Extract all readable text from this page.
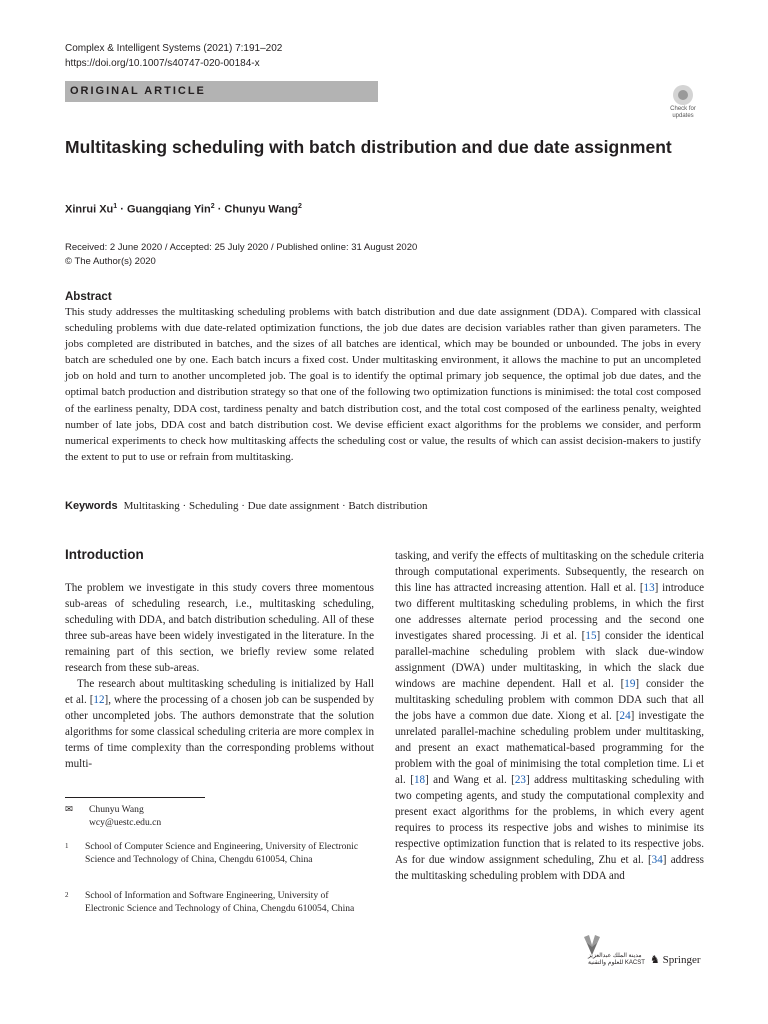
Complex & Intelligent Systems (2021) 7:191–202
https://doi.org/10.1007/s40747-020-00184-x
ORIGINAL ARTICLE
Check for updates
Multitasking scheduling with batch distribution and due date assignment
Xinrui $Xu^1$ · Guangqiang Yin$^2$ · Chunyu Wang$^2$
Received: 2 June 2020 / Accepted: 25 July 2020 / Published online: 31 August 2020
© The Author(s) 2020
Abstract
This study addresses the multitasking scheduling problems with batch distribution and due date assignment (DDA). Compared with classical scheduling problems with due date-related optimization functions, the job due dates are decision variables rather than given parameters. The jobs completed are distributed in batches, and the sizes of all batches are identical, which may be bounded or unbounded. The jobs in every batch are scheduled one by one. Each batch incurs a fixed cost. Under multitasking environment, it allows the machine to put an uncompleted job on hold and turn to another uncompleted job. The goal is to identify the optimal primary job sequence, the optimal job due dates, and the optimal batch production and distribution strategy so that one of the following two optimization functions is minimised: the total cost composed of the earliness penalty, DDA cost, tardiness penalty and batch distribution cost, and the total cost composed of the earliness penalty, weighted number of late jobs, DDA cost and batch distribution cost. We devise efficient exact algorithms for the problems we consider, and perform numerical experiments to check how multitasking affects the scheduling cost or value, the results of which can assist decision-makers to justify the extent to put to use or refrain from multitasking.
Keywords Multitasking · Scheduling · Due date assignment · Batch distribution
Introduction

The problem we investigate in this study covers three momentous sub-areas of scheduling research, i.e., multitasking scheduling, scheduling with DDA, and batch distribution scheduling. All of these three sub-areas have been widely investigated in the literature. In the remaining part of this section, we briefly review some related research from these sub-areas.

The research about multitasking scheduling is initialized by Hall et al. [12], where the processing of a chosen job can be suspended by other uncompleted jobs. The authors demonstrate that the solution algorithms for some classical scheduling criteria are more complex in terms of time complexity than the corresponding problems without multi-

tasking, and verify the effects of multitasking on the schedule criteria through computational experiments. Subsequently, the research on this line has attracted increasing attention. Hall et al. [13] introduce two different multitasking scheduling problems, in which the first one addresses alternate period processing and the second one investigates shared processing. Ji et al. [15] consider the identical parallel-machine scheduling problem with slack due-window assignment (DWA) under multitasking, in which the slack due windows are machine dependent. Hall et al. [19] consider the multitasking scheduling problem with common DDA such that all the jobs have a common due date. Xiong et al. [24] investigate the unrelated parallel-machine scheduling problem under multitasking, and present an exact mathematical-based programming for the problem with the goal of minimising the total completion time. Li et al. [18] and Wang et al. [23] address multitasking scheduling with two competing agents, and study the computational complexity and present exact algorithms for the problems, in which every agent requires to process its respective jobs and wishes to minimise its respective optimization function that is related to its respective jobs. As for due window assignment scheduling, Zhu et al. [34] address the multitasking scheduling problem with DDA and

✉ Chunyu Wang
wcy@uestc.edu.cn
1 School of Computer Science and Engineering, University of Electronic Science and Technology of China, Chengdu 610054, China
2 School of Information and Software Engineering, University of Electronic Science and Technology of China, Chengdu 610054, China
مدينة الملك عبدالعزيز للعلوم والتقنية KACST ♞ Springer
